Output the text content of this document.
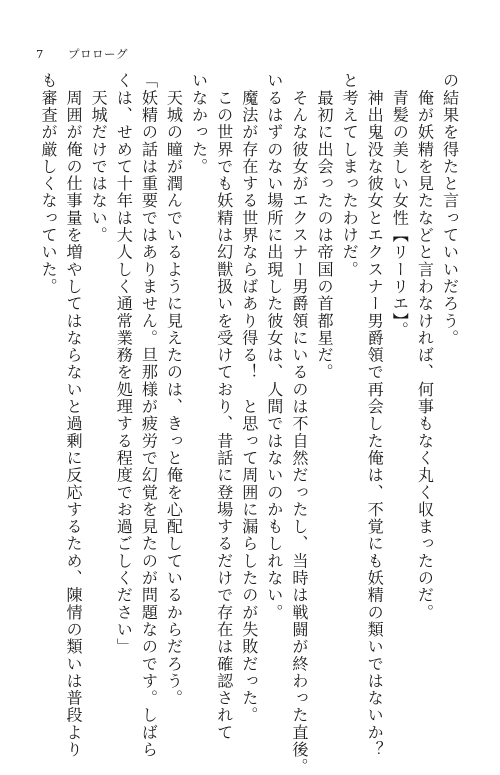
7 プロローグ
の結果を得たと言っていいだろう。
　俺が妖精を見たなどと言わなければ、何事もなく丸く収まったのだ。
　青髪の美しい女性【リーリエ】。
　神出鬼没な彼女とエクスナー男爵領で再会した俺は、不覚にも妖精の類いではないか？
と考えてしまったわけだ。
　最初に出会ったのは帝国の首都星だ。
　そんな彼女がエクスナー男爵領にいるのは不自然だったし、当時は戦闘が終わった直後。
いるはずのない場所に出現した彼女は、人間ではないのかもしれない。
　魔法が存在する世界ならばあり得る！　と思って周囲に漏らしたのが失敗だった。
　この世界でも妖精は幻獣扱いを受けており、昔話に登場するだけで存在は確認されて
いなかった。
　天城の瞳が潤んでいるように見えたのは、きっと俺を心配しているからだろう。
「妖精の話は重要ではありません。旦那様が疲労で幻覚を見たのが問題なのです。しばら
くは、せめて十年は大人しく通常業務を処理する程度でお過ごしください」
　天城だけではない。
　周囲が俺の仕事量を増やしてはならないと過剰に反応するため、陳情の類いは普段より
も審査が厳しくなっていた。
